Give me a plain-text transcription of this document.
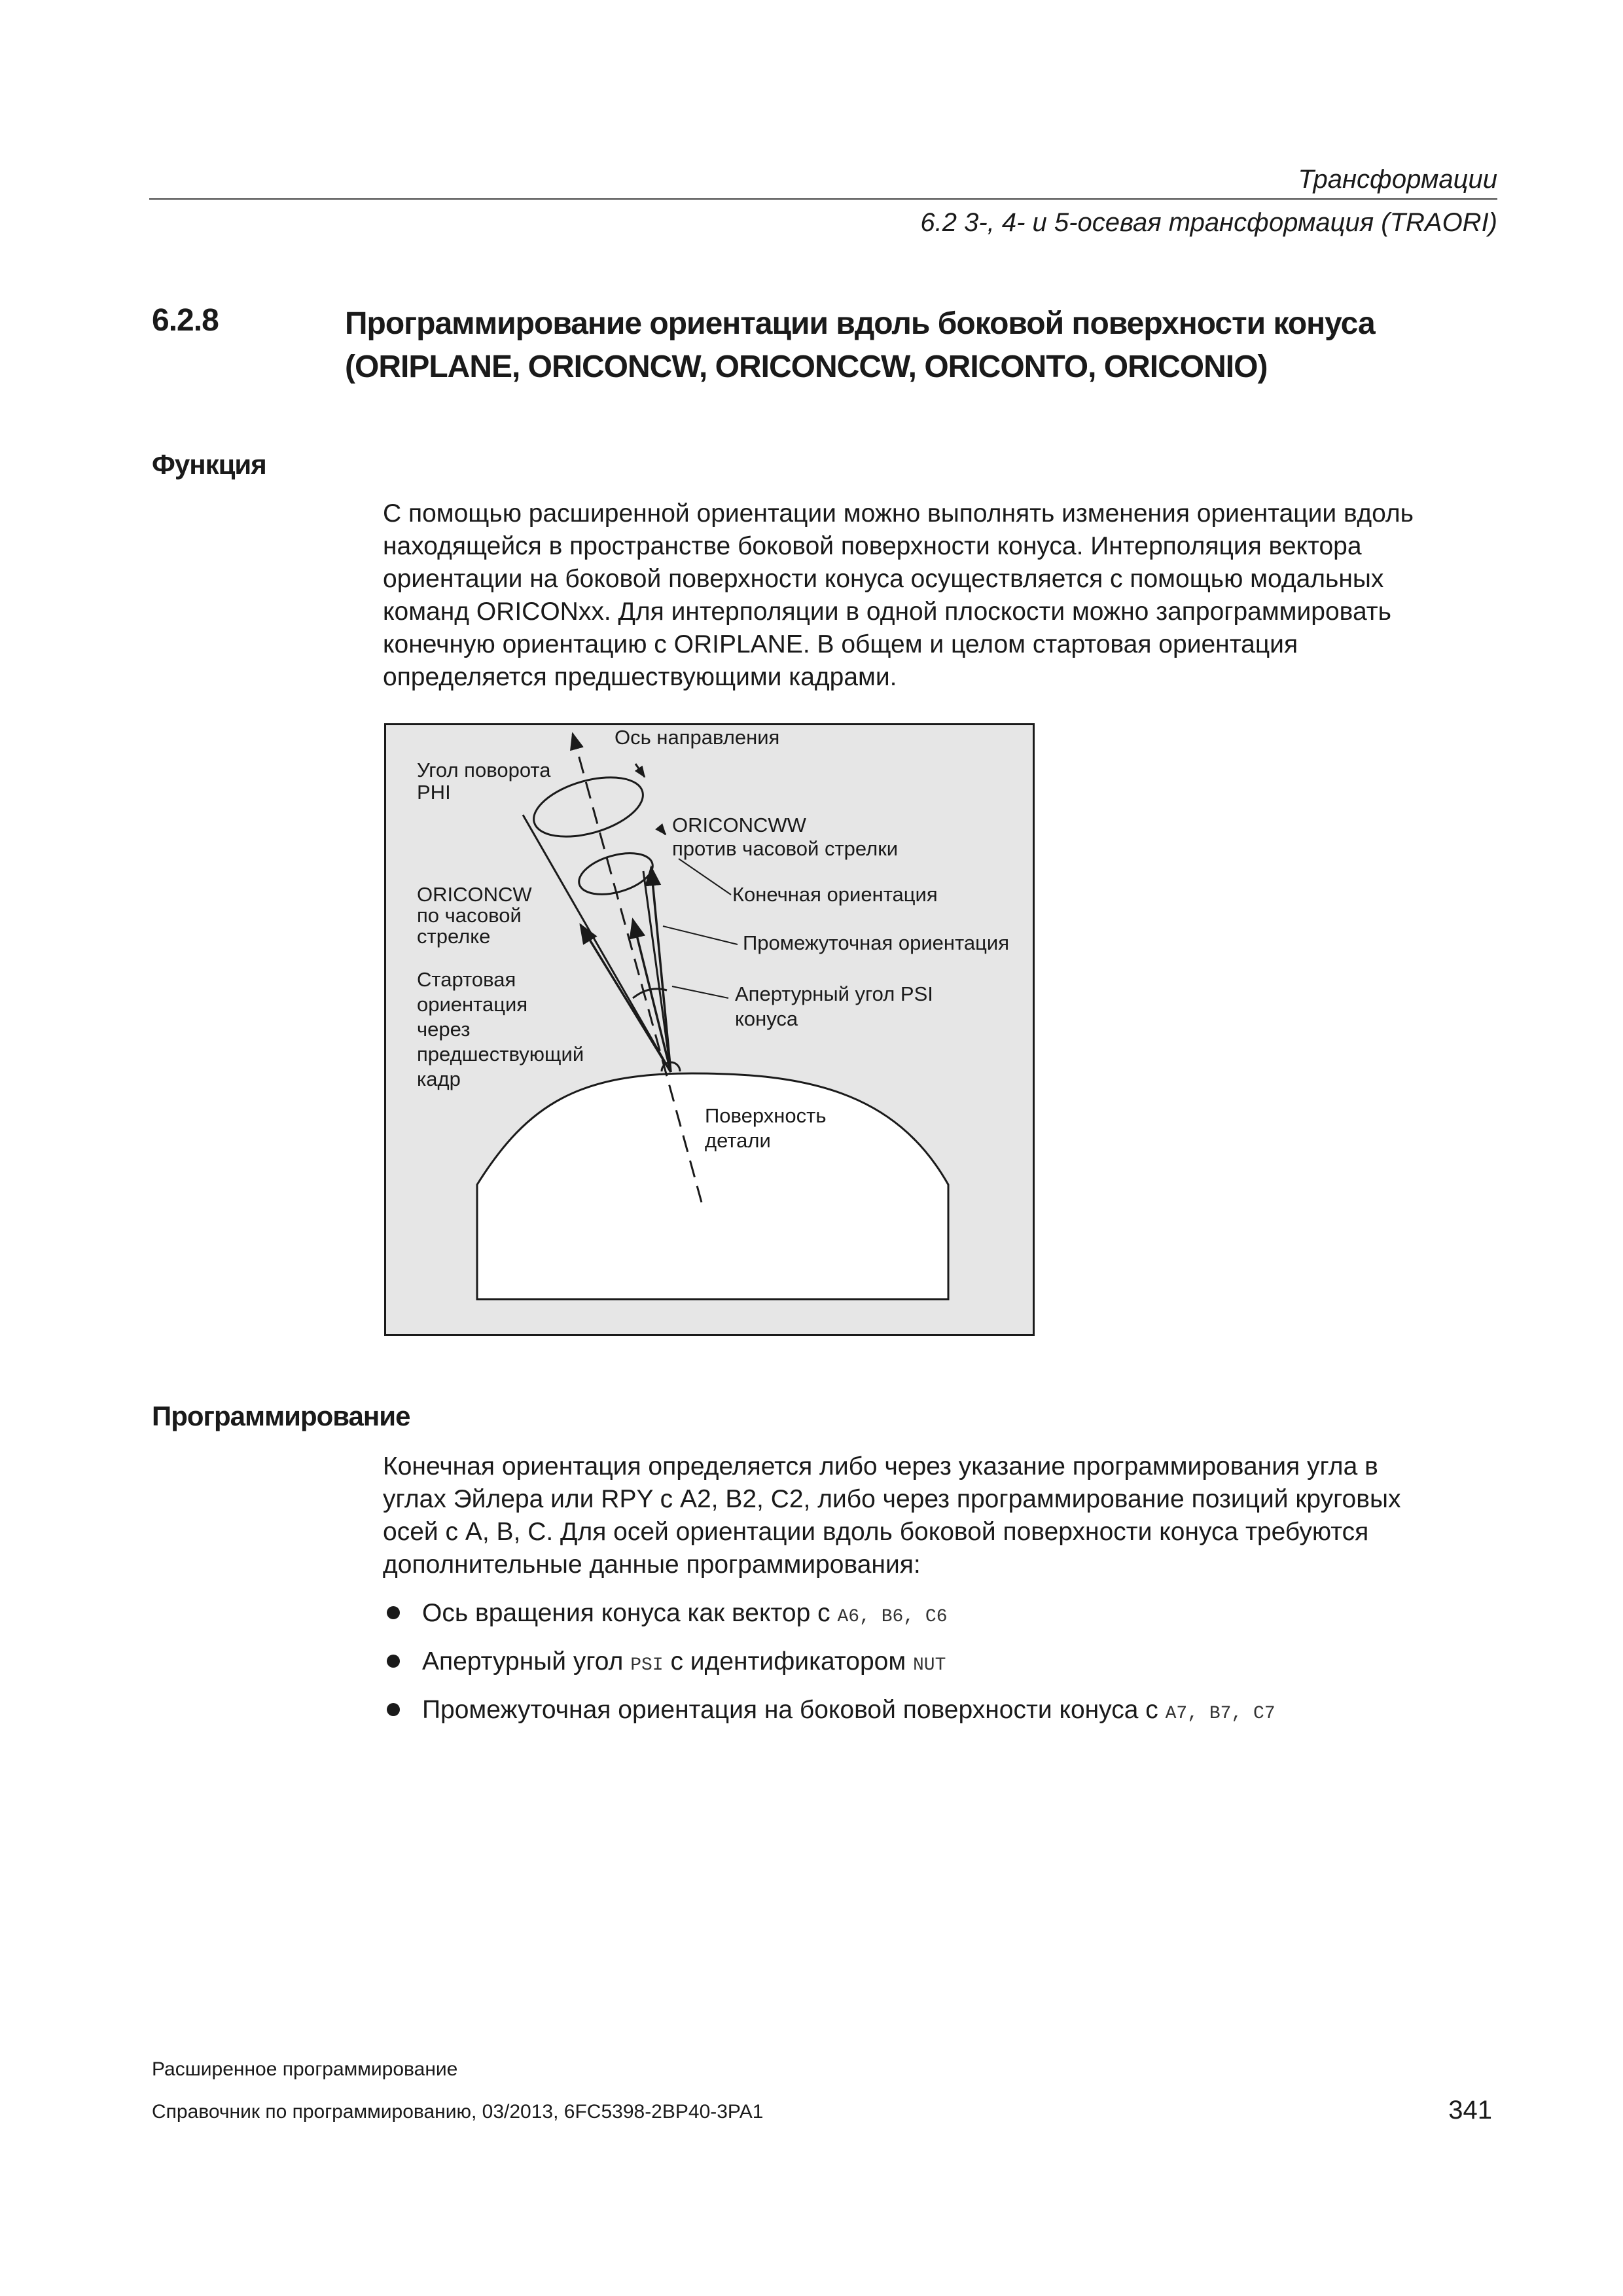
Трансформации
6.2 3-, 4- и 5-осевая трансформация (TRAORI)
6.2.8	Программирование ориентации вдоль боковой поверхности конуса
(ORIPLANE, ORICONCW, ORICONCCW, ORICONTO, ORICONIO)
Функция
С помощью расширенной ориентации можно выполнять изменения ориентации вдоль
находящейся в пространстве боковой поверхности конуса. Интерполяция вектора
ориентации на боковой поверхности конуса осуществляется с помощью модальных
команд ORICONxx. Для интерполяции в одной плоскости можно запрограммировать
конечную ориентацию с ORIPLANE. В общем и целом стартовая ориентация
определяется предшествующими кадрами.
Ось направления
Угол поворота
PHI
ORICONCWW
против часовой стрелки
ORICONCW
по часовой
стрелке
Конечная ориентация
Промежуточная ориентация
Стартовая
ориентация
через
предшествующий
кадр
Апертурный угол PSI
конуса
Поверхность
детали
Программирование
Конечная ориентация определяется либо через указание программирования угла в
углах Эйлера или RPY с A2, B2, C2, либо через программирование позиций круговых
осей с A, B, C. Для осей ориентации вдоль боковой поверхности конуса требуются
дополнительные данные программирования:
Ось вращения конуса как вектор с A6, B6, C6
Апертурный угол PSI с идентификатором NUT
Промежуточная ориентация на боковой поверхности конуса с A7, B7, C7
Расширенное программирование
Справочник по программированию, 03/2013, 6FC5398-2BP40-3PA1	341
